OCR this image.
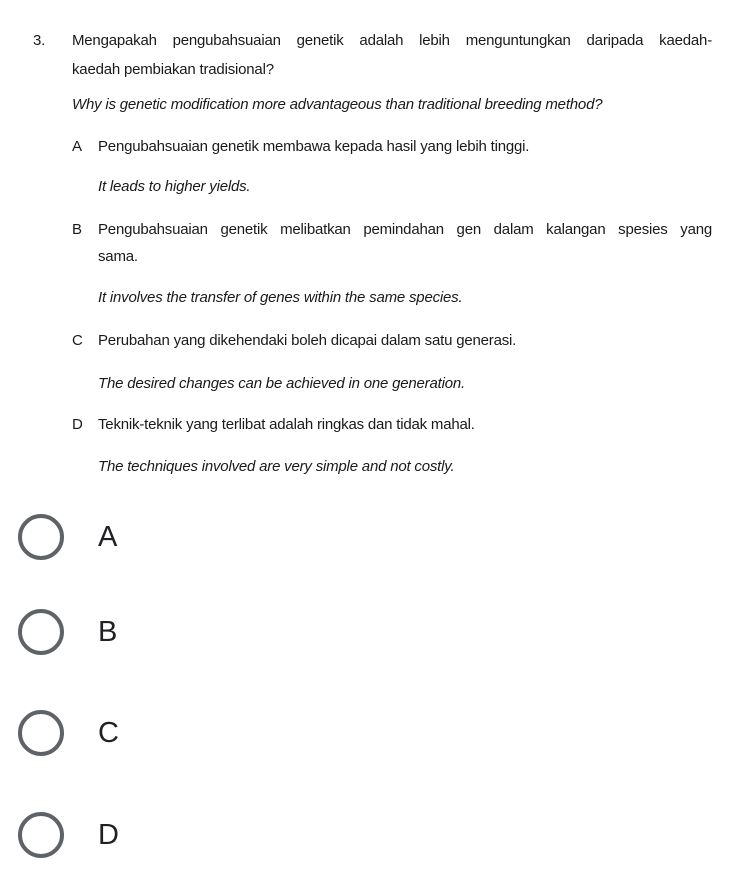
3. Mengapakah pengubahsuaian genetik adalah lebih menguntungkan daripada kaedah-
kaedah pembiakan tradisional?
Why is genetic modification more advantageous than traditional breeding method?
A Pengubahsuaian genetik membawa kepada hasil yang lebih tinggi.
It leads to higher yields.
B Pengubahsuaian genetik melibatkan pemindahan gen dalam kalangan spesies yang
sama.
It involves the transfer of genes within the same species.
C Perubahan yang dikehendaki boleh dicapai dalam satu generasi.
The desired changes can be achieved in one generation.
D Teknik-teknik yang terlibat adalah ringkas dan tidak mahal.
The techniques involved are very simple and not costly.
A
B
C
D
